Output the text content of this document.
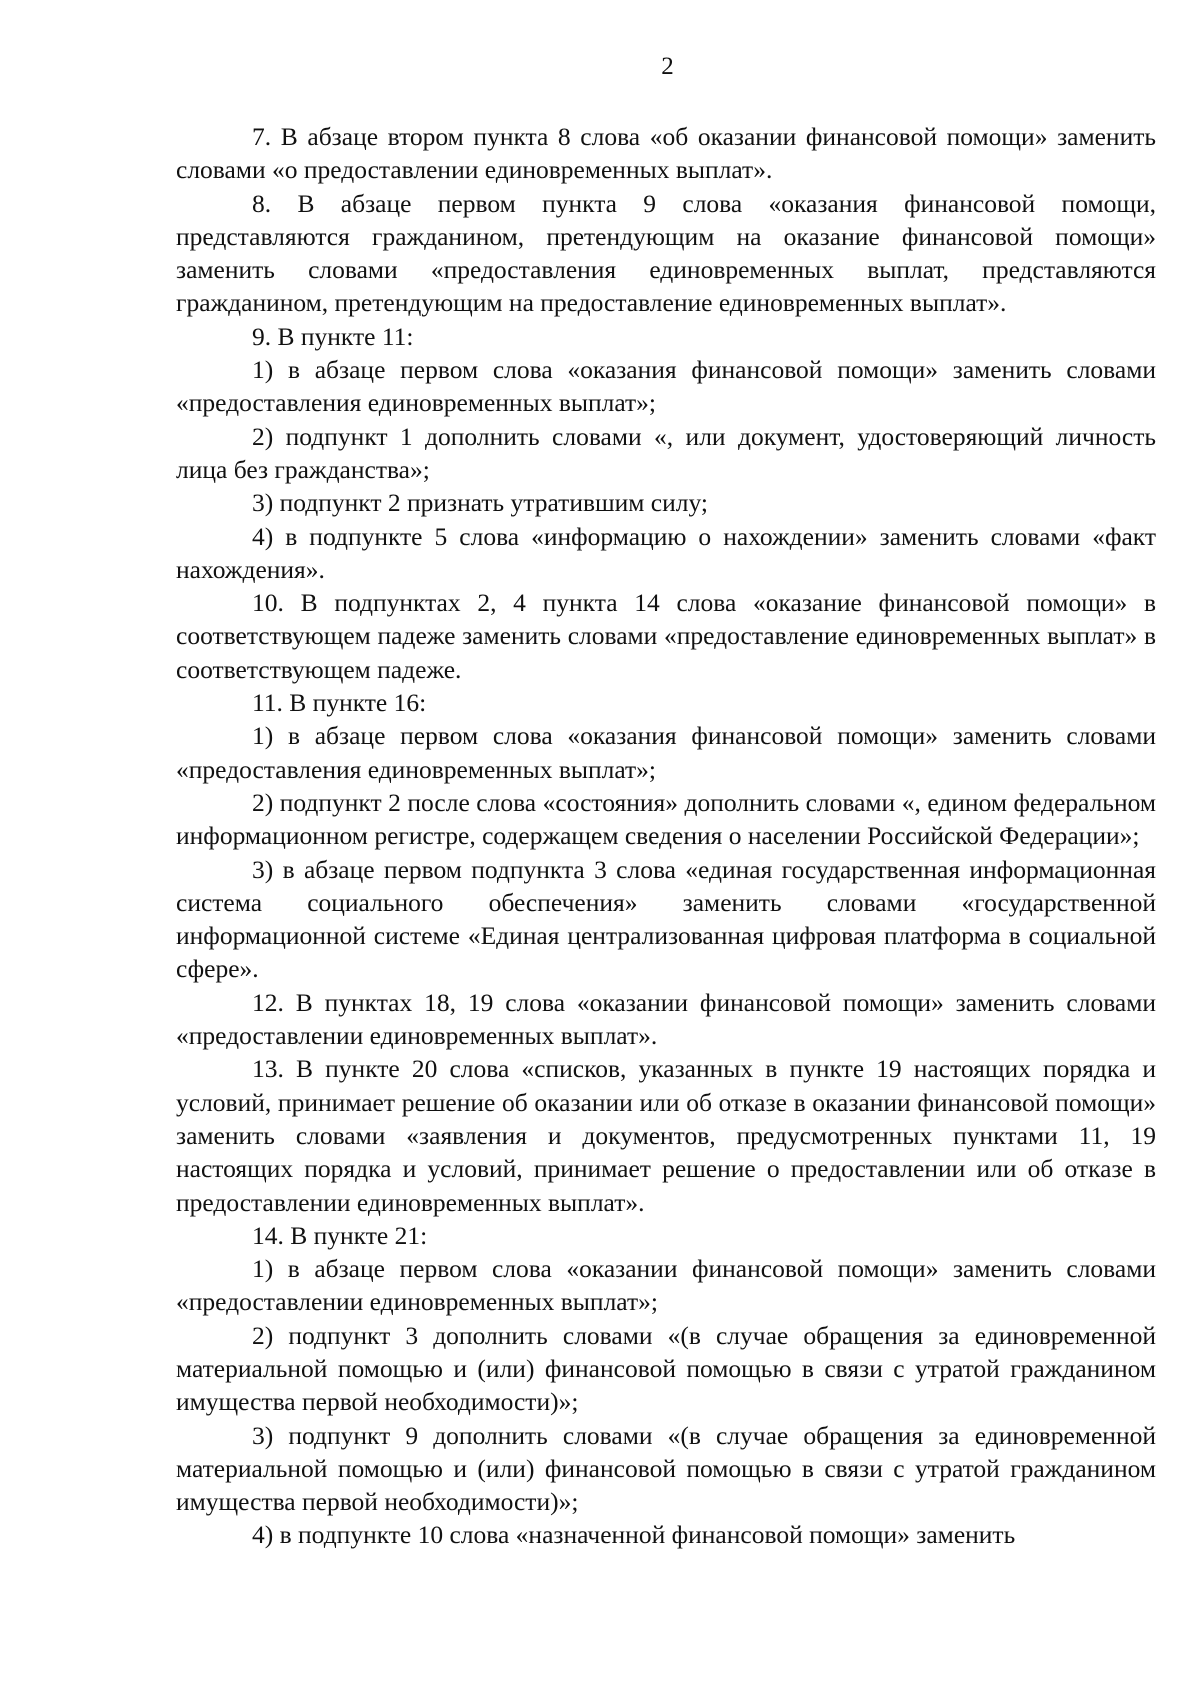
2

7. В абзаце втором пункта 8 слова «об оказании финансовой помощи» заменить словами «о предоставлении единовременных выплат».

8. В абзаце первом пункта 9 слова «оказания финансовой помощи, представляются гражданином, претендующим на оказание финансовой помощи» заменить словами «предоставления единовременных выплат, представляются гражданином, претендующим на предоставление единовременных выплат».

9. В пункте 11:

1) в абзаце первом слова «оказания финансовой помощи» заменить словами «предоставления единовременных выплат»;

2) подпункт 1 дополнить словами «, или документ, удостоверяющий личность лица без гражданства»;

3) подпункт 2 признать утратившим силу;

4) в подпункте 5 слова «информацию о нахождении» заменить словами «факт нахождения».

10. В подпунктах 2, 4 пункта 14 слова «оказание финансовой помощи» в соответствующем падеже заменить словами «предоставление единовременных выплат» в соответствующем падеже.

11. В пункте 16:

1) в абзаце первом слова «оказания финансовой помощи» заменить словами «предоставления единовременных выплат»;

2) подпункт 2 после слова «состояния» дополнить словами «, едином федеральном информационном регистре, содержащем сведения о населении Российской Федерации»;

3) в абзаце первом подпункта 3 слова «единая государственная информационная система социального обеспечения» заменить словами «государственной информационной системе «Единая централизованная цифровая платформа в социальной сфере».

12. В пунктах 18, 19 слова «оказании финансовой помощи» заменить словами «предоставлении единовременных выплат».

13. В пункте 20 слова «списков, указанных в пункте 19 настоящих порядка и условий, принимает решение об оказании или об отказе в оказании финансовой помощи» заменить словами «заявления и документов, предусмотренных пунктами 11, 19 настоящих порядка и условий, принимает решение о предоставлении или об отказе в предоставлении единовременных выплат».

14. В пункте 21:

1) в абзаце первом слова «оказании финансовой помощи» заменить словами «предоставлении единовременных выплат»;

2) подпункт 3 дополнить словами «(в случае обращения за единовременной материальной помощью и (или) финансовой помощью в связи с утратой гражданином имущества первой необходимости)»;

3) подпункт 9 дополнить словами «(в случае обращения за единовременной материальной помощью и (или) финансовой помощью в связи с утратой гражданином имущества первой необходимости)»;

4) в подпункте 10 слова «назначенной финансовой помощи» заменить
